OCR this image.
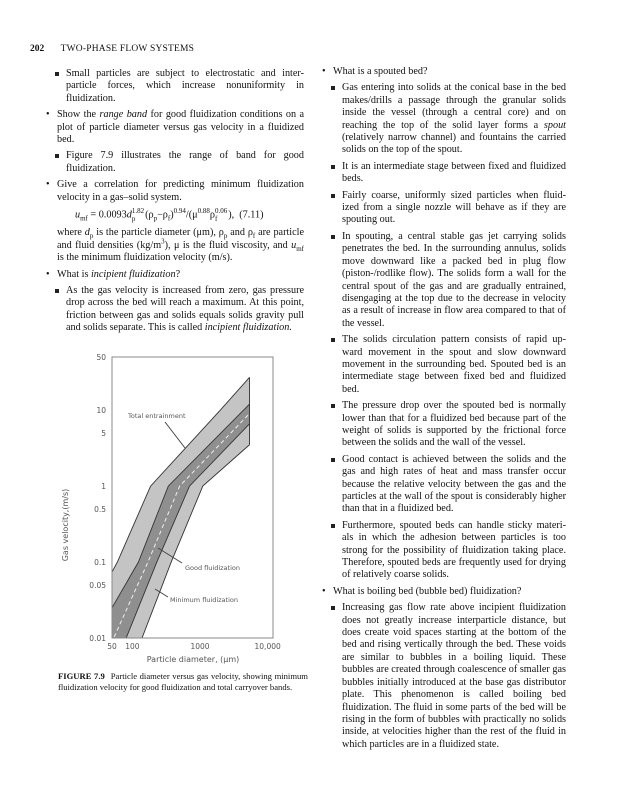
202 TWO-PHASE FLOW SYSTEMS
Small particles are subject to electrostatic and inter-particle forces, which increase nonuniformity in fluidization.
• Show the range band for good fluidization conditions on a plot of particle diameter versus gas velocity in a fluidized bed.
Figure 7.9 illustrates the range of band for good fluidization.
• Give a correlation for predicting minimum fluidization velocity in a gas–solid system.
$u_{mf} = 0.0093d$ 1.82
p $(\rho_p-\rho_f)^{0.94}/(\mu^{0.88}\rho$ 0.06
f	), (7.11)
where $d_p$ is the particle diameter (μm), $\rho_p$ and $\rho_f$ are particle and fluid densities $(kg/m^3)$, μ is the fluid viscosity, and $u_{mf}$ is the minimum fluidization velocity (m/s).
• What is incipient fluidization?
As the gas velocity is increased from zero, gas pressure drop across the bed will reach a maximum. At this point, friction between gas and solids equals solids gravity pull and solids separate. This is called incipient fluidization.
50
10
5
1
0.5
0.1
0.05
0.01
50 100	1000	10,000
Gas velocity,(m/s)
Particle diameter, (μm)
Total entrainment
Good fluidization
Minimum fluidization
FIGURE 7.9 Particle diameter versus gas velocity, showing minimum fluidization velocity for good fluidization and total carryover bands.
• What is a spouted bed?
Gas entering into solids at the conical base in the bed makes/drills a passage through the granular solids inside the vessel (through a central core) and on reaching the top of the solid layer forms a spout (relatively narrow channel) and fountains the carried solids on the top of the spout.
It is an intermediate stage between fixed and fluidized beds.
Fairly coarse, uniformly sized particles when fluid-ized from a single nozzle will behave as if they are spouting out.
In spouting, a central stable gas jet carrying solids penetrates the bed. In the surrounding annulus, solids move downward like a packed bed in plug flow (piston-/rodlike flow). The solids form a wall for the central spout of the gas and are gradually entrained, disengaging at the top due to the decrease in velocity as a result of increase in flow area compared to that of the vessel.
The solids circulation pattern consists of rapid up-ward movement in the spout and slow downward movement in the surrounding bed. Spouted bed is an intermediate stage between fixed bed and fluidized bed.
The pressure drop over the spouted bed is normally lower than that for a fluidized bed because part of the weight of solids is supported by the frictional force between the solids and the wall of the vessel.
Good contact is achieved between the solids and the gas and high rates of heat and mass transfer occur because the relative velocity between the gas and the particles at the wall of the spout is considerably higher than that in a fluidized bed.
Furthermore, spouted beds can handle sticky materi-als in which the adhesion between particles is too strong for the possibility of fluidization taking place. Therefore, spouted beds are frequently used for drying of relatively coarse solids.
• What is boiling bed (bubble bed) fluidization?
Increasing gas flow rate above incipient fluidization does not greatly increase interparticle distance, but does create void spaces starting at the bottom of the bed and rising vertically through the bed. These voids are similar to bubbles in a boiling liquid. These bubbles are created through coalescence of smaller gas bubbles initially introduced at the base gas distributor plate. This phenomenon is called boiling bed fluidization. The fluid in some parts of the bed will be rising in the form of bubbles with practically no solids inside, at velocities higher than the rest of the fluid in which particles are in a fluidized state.
